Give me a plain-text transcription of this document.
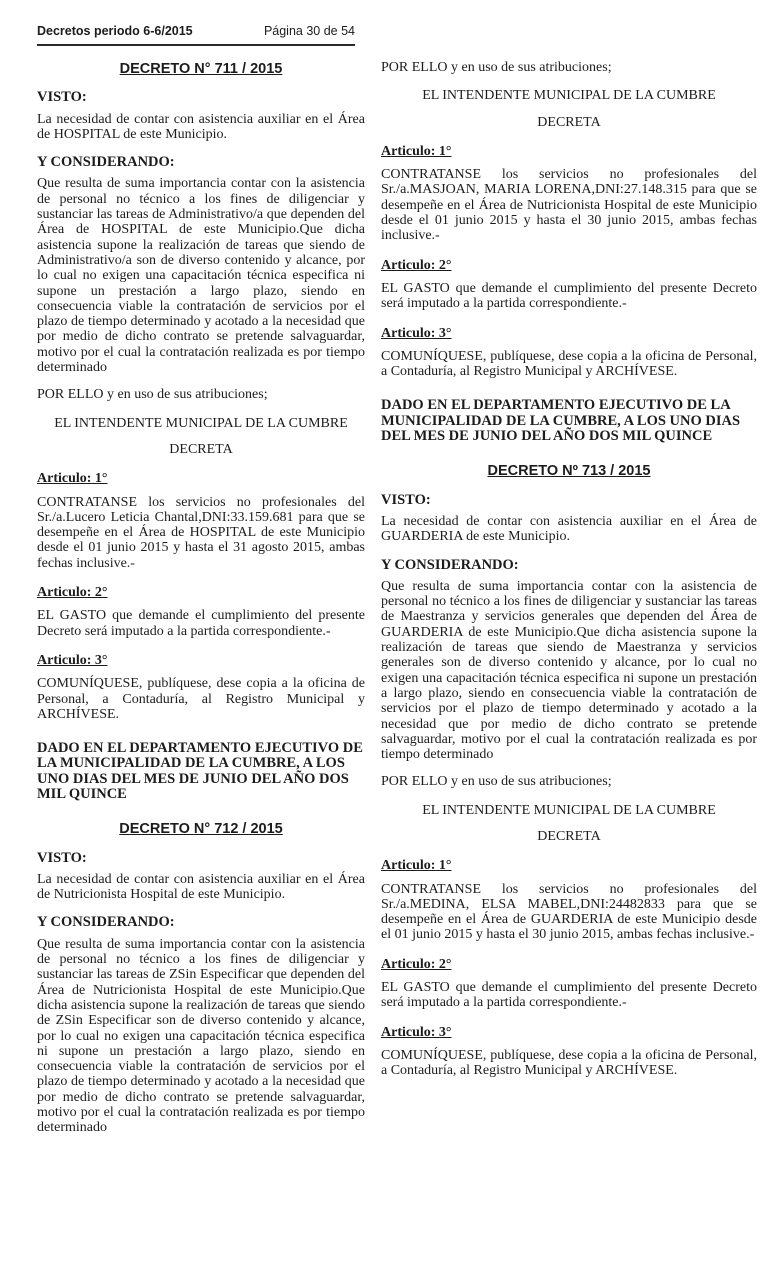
Decretos periodo 6-6/2015	Página 30 de 54
DECRETO N° 711 / 2015
VISTO:
La necesidad de contar con asistencia auxiliar en el Área de HOSPITAL de este Municipio.
Y CONSIDERANDO:
Que resulta de suma importancia contar con la asistencia de personal no técnico a los fines de diligenciar y sustanciar las tareas de Administrativo/a que dependen del Área de HOSPITAL de este Municipio.Que dicha asistencia supone la realización de tareas que siendo de Administrativo/a son de diverso contenido y alcance, por lo cual no exigen una capacitación técnica especifica ni supone un prestación a largo plazo, siendo en consecuencia viable la contratación de servicios por el plazo de tiempo determinado y acotado a la necesidad que por medio de dicho contrato se pretende salvaguardar, motivo por el cual la contratación realizada es por tiempo determinado
POR ELLO y en uso de sus atribuciones;
EL INTENDENTE MUNICIPAL DE LA CUMBRE
DECRETA
Articulo: 1°
CONTRATANSE los servicios no profesionales del Sr./a.Lucero Leticia Chantal,DNI:33.159.681 para que se desempeñe en el Área de HOSPITAL de este Municipio desde el 01 junio 2015 y hasta el 31 agosto 2015, ambas fechas inclusive.-
Articulo: 2°
EL GASTO que demande el cumplimiento del presente Decreto será imputado a la partida correspondiente.-
Articulo: 3°
COMUNÍQUESE, publíquese, dese copia a la oficina de Personal, a Contaduría, al Registro Municipal y ARCHÍVESE.
DADO EN EL DEPARTAMENTO EJECUTIVO DE LA MUNICIPALIDAD DE LA CUMBRE, A LOS UNO DIAS DEL MES DE JUNIO DEL AÑO DOS MIL QUINCE
DECRETO N° 712 / 2015
VISTO:
La necesidad de contar con asistencia auxiliar en el Área de Nutricionista Hospital de este Municipio.
Y CONSIDERANDO:
Que resulta de suma importancia contar con la asistencia de personal no técnico a los fines de diligenciar y sustanciar las tareas de ZSin Especificar que dependen del Área de Nutricionista Hospital de este Municipio.Que dicha asistencia supone la realización de tareas que siendo de ZSin Especificar son de diverso contenido y alcance, por lo cual no exigen una capacitación técnica especifica ni supone un prestación a largo plazo, siendo en consecuencia viable la contratación de servicios por el plazo de tiempo determinado y acotado a la necesidad que por medio de dicho contrato se pretende salvaguardar, motivo por el cual la contratación realizada es por tiempo determinado
POR ELLO y en uso de sus atribuciones;
EL INTENDENTE MUNICIPAL DE LA CUMBRE
DECRETA
Articulo: 1°
CONTRATANSE los servicios no profesionales del Sr./a.MASJOAN, MARIA LORENA,DNI:27.148.315 para que se desempeñe en el Área de Nutricionista Hospital de este Municipio desde el 01 junio 2015 y hasta el 30 junio 2015, ambas fechas inclusive.-
Articulo: 2°
EL GASTO que demande el cumplimiento del presente Decreto será imputado a la partida correspondiente.-
Articulo: 3°
COMUNÍQUESE, publíquese, dese copia a la oficina de Personal, a Contaduría, al Registro Municipal y ARCHÍVESE.
DADO EN EL DEPARTAMENTO EJECUTIVO DE LA MUNICIPALIDAD DE LA CUMBRE, A LOS UNO DIAS DEL MES DE JUNIO DEL AÑO DOS MIL QUINCE
DECRETO Nº 713 / 2015
VISTO:
La necesidad de contar con asistencia auxiliar en el Área de GUARDERIA de este Municipio.
Y CONSIDERANDO:
Que resulta de suma importancia contar con la asistencia de personal no técnico a los fines de diligenciar y sustanciar las tareas de Maestranza y servicios generales que dependen del Área de GUARDERIA de este Municipio.Que dicha asistencia supone la realización de tareas que siendo de Maestranza y servicios generales son de diverso contenido y alcance, por lo cual no exigen una capacitación técnica especifica ni supone un prestación a largo plazo, siendo en consecuencia viable la contratación de servicios por el plazo de tiempo determinado y acotado a la necesidad que por medio de dicho contrato se pretende salvaguardar, motivo por el cual la contratación realizada es por tiempo determinado
POR ELLO y en uso de sus atribuciones;
EL INTENDENTE MUNICIPAL DE LA CUMBRE
DECRETA
Articulo: 1°
CONTRATANSE los servicios no profesionales del Sr./a.MEDINA, ELSA MABEL,DNI:24482833 para que se desempeñe en el Área de GUARDERIA de este Municipio desde el 01 junio 2015 y hasta el 30 junio 2015, ambas fechas inclusive.-
Articulo: 2°
EL GASTO que demande el cumplimiento del presente Decreto será imputado a la partida correspondiente.-
Articulo: 3°
COMUNÍQUESE, publíquese, dese copia a la oficina de Personal, a Contaduría, al Registro Municipal y ARCHÍVESE.
